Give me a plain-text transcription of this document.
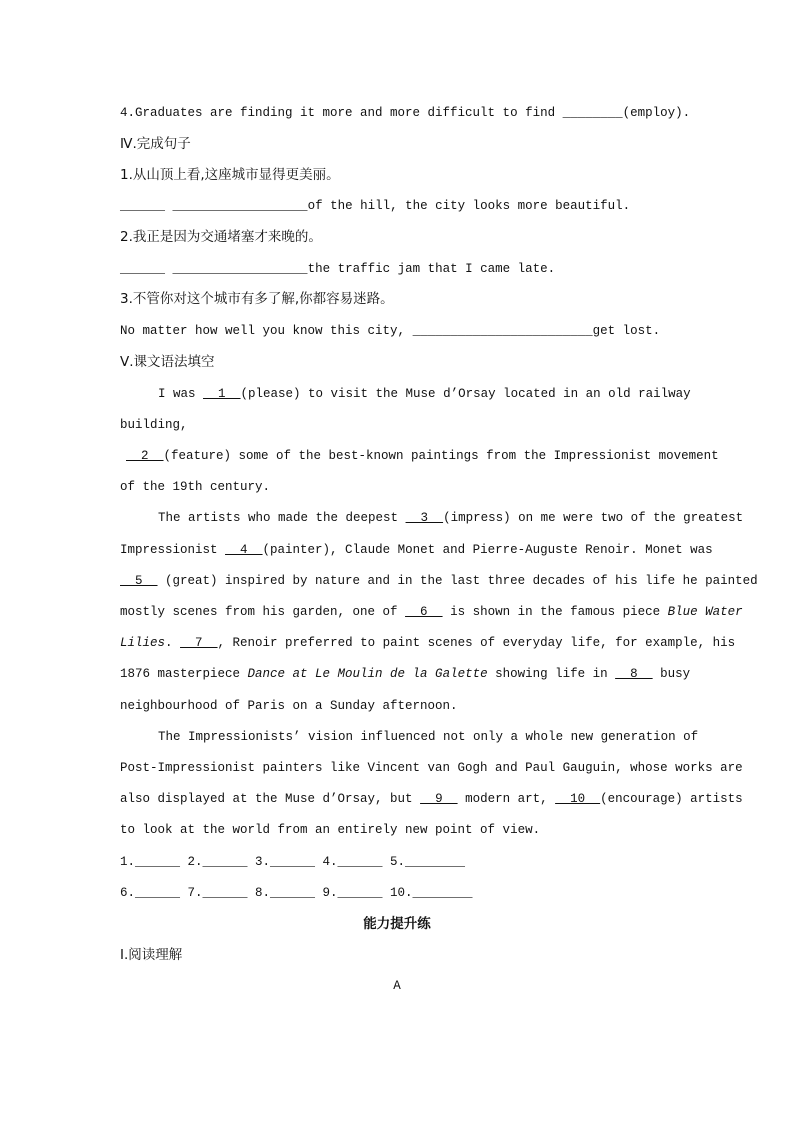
4.Graduates are finding it more and more difficult to find ________(employ).
Ⅳ.完成句子
1.从山顶上看,这座城市显得更美丽。
______ __________________of the hill, the city looks more beautiful.
2.我正是因为交通堵塞才来晚的。
______ __________________the traffic jam that I came late.
3.不管你对这个城市有多了解,你都容易迷路。
No matter how well you know this city, ________________________get lost.
Ⅴ.课文语法填空
I was   1  (please) to visit the Muse d’Orsay located in an old railway
building,
2  (feature) some of the best-known paintings from the Impressionist movement
of the 19th century.
The artists who made the deepest   3  (impress) on me were two of the greatest
Impressionist   4  (painter), Claude Monet and Pierre-Auguste Renoir. Monet was
5   (great) inspired by nature and in the last three decades of his life he painted
mostly scenes from his garden, one of   6   is shown in the famous piece Blue Water
Lilies.   7  , Renoir preferred to paint scenes of everyday life, for example, his
1876 masterpiece Dance at Le Moulin de la Galette showing life in   8   busy
neighbourhood of Paris on a Sunday afternoon.
The Impressionists’ vision influenced not only a whole new generation of
Post-Impressionist painters like Vincent van Gogh and Paul Gauguin, whose works are
also displayed at the Muse d’Orsay, but   9   modern art,   10  (encourage) artists
to look at the world from an entirely new point of view.
1.______ 2.______ 3.______ 4.______ 5.________
6.______ 7.______ 8.______ 9.______ 10.________
能力提升练
Ⅰ.阅读理解
A
